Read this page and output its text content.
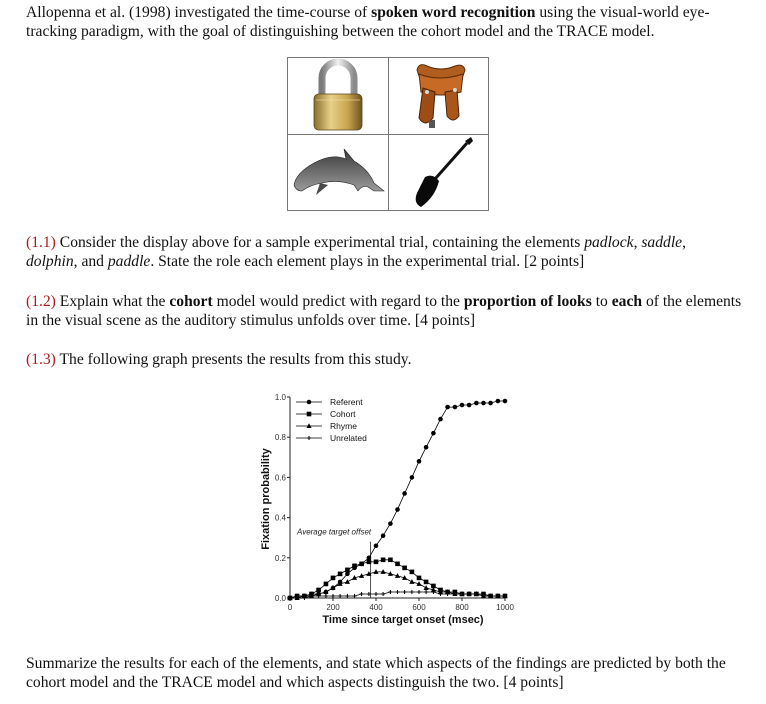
Allopenna et al. (1998) investigated the time-course of spoken word recognition using the visual-world eye-tracking paradigm, with the goal of distinguishing between the cohort model and the TRACE model.
(1.1) Consider the display above for a sample experimental trial, containing the elements padlock, saddle,
dolphin, and paddle. State the role each element plays in the experimental trial. [2 points]
(1.2) Explain what the cohort model would predict with regard to the proportion of looks to each of the elements in the visual scene as the auditory stimulus unfolds over time. [4 points]
(1.3) The following graph presents the results from this study.
0.0
0.2
0.4
0.6
0.8
1.0
0	200	400	600	800	1000
Average target offset
Referent
Cohort
Rhyme
Unrelated
Time since target onset (msec)
Fixation probability
Summarize the results for each of the elements, and state which aspects of the findings are predicted by both the cohort model and the TRACE model and which aspects distinguish the two. [4 points]
